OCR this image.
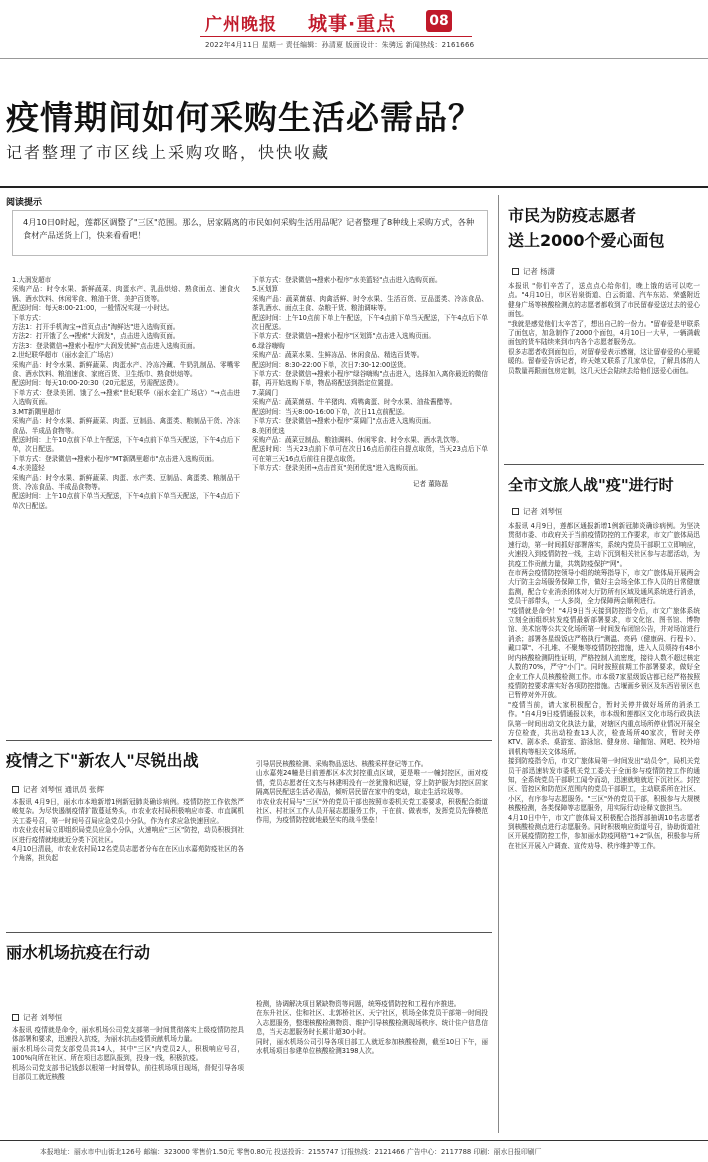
广州晚报 城事·重点 08
2022年4月11日 星期一 责任编辑：孙清夏 版面设计：朱骋远 新闻热线：2161666
疫情期间如何采购生活必需品？
记者整理了市区线上采购攻略，快快收藏
阅读提示
4月10日0时起，莲都区调整了"三区"范围。那么，居家隔离的市民如何采购生活用品呢？记者整理了8种线上采购方式，各种食材产品送货上门，快来看看吧！

1.大润发超市

采购产品：时令水果、新鲜蔬菜、肉蛋水产、乳品烘焙、熟食面点、速食火锅、酒水饮料、休闲零食、粮油干货、美护百货等。

配送时间：每天8:00-21:00，一般情况实现一小时达。

下单方式：

方法1：打开手机淘宝→首页点击"淘鲜达"进入选购页面。

方法2：打开饿了么→搜索"大润发"，点击进入选购页面。

方法3：登录微信→搜索小程序"大润发优鲜"点击进入选购页面。

2.世纪联华超市（丽水金汇广场店）

采购产品：时令水果、新鲜蔬菜、肉蛋水产、冷冻冷藏、牛奶乳制品、零嘴零食、酒水饮料、粮油速食、家庭百货、卫生纸巾、熟食烘焙等。

配送时间：每天10:00-20:30（20元起送，另需配送费）。

下单方式：登录美团、饿了么→搜索"世纪联华（丽水金汇广场店）"→点击进入选购页面。

3.MT新隅里超市

采购产品：时令水果、新鲜蔬菜、肉蛋、豆制品、禽蛋类、粮制品干货、冷冻食品、半成品食物等。

配送时间：上午10点前下单上午配送，下午4点前下单当天配送，下午4点后下单，次日配送。

下单方式：登录微信→搜索小程序"MT新隅里超市"点击进入选购页面。

4.水美篮轻

采购产品：时令水果、新鲜蔬菜、肉蛋、水产类、豆制品、禽蛋类、粮制品干货、冷冻食品、半成品食物等。

配送时间：上午10点前下单当天配送，下午4点前下单当天配送，下午4点后下单次日配送。

下单方式：登录微信→搜索小程序"水美篮轻"点击进入选购页面。

5.区划算

采购产品：蔬菜菌菇、肉禽活鲜、时令水果、生活百货、豆品蛋类、冷冻食品、茶乳酒水、面点主食、杂粮干货、粮油调味等。

配送时间：上午10点前下单上午配送，下午4点前下单当天配送，下午4点后下单次日配送。

下单方式：登录微信→搜索小程序"区划算"点击进入选购页面。

6.绿谷嗨购

采购产品：蔬菜水果、生鲜冻品、休闲食品、精选百货等。

配送时间：8:30-22:00下单，次日7:30-12:00送货。

下单方式：登录微信→搜索小程序"绿谷嗨购"点击进入，选择加入离你最近的微信群，再开始选购下单，物品将配送到指定位置提。

7.菜阔门

采购产品：蔬菜菌菇、牛羊猪肉、鸡鸭禽蛋、时令水果、油盐酱醋等。

配送时间：当天8:00-16:00下单，次日11点前配送。

下单方式：登录微信→搜索小程序"菜阔门"点击进入选购页面。

8.美团优选

采购产品：蔬菜豆制品、粮油调料、休闲零食、时令水果、酒水乳饮等。

配送时间：当天23点前下单可在次日16点后前往自提点取货，当天23点后下单可在第三天16点后前往自提点取货。

下单方式：登录美团→点击首页"美团优选"进入选购页面。

记者 董陈磊

疫情之下"新农人"尽锐出战
记者 刘琴恒 通讯员 张辉

本报讯 4月9日，丽水市本地新增1例新冠肺炎确诊病例。疫情防控工作依然严峻复杂。为尽快遏制疫情扩散蔓延势头，市农业农村局积极响应市委、市直属机关工委号召，第一时间号召局应急党员小分队，作为有求应急快速回应。

市农业农村局立即组织局党员应急小分队，火速响应"三区"防控，动员积极到社区进行疫情就地就近分类下沉社区。

4月10日清晨，市农业农村局12名党员志愿者分布在在区山水嘉苑防疫社区的各个角落，担负起

引导居民核酸检测、采购物品送达、核酸采样登记等工作。

山水嘉苑24幢是目前莲都区本次封控重点区域，更是唯一一幢封控区，面对疫情，党员志愿者任文杰与林建明没有一丝犹豫和迟疑，穿上防护服为封控区居家隔离居民配送生活必需品，倾听居民留在家中的变动，取走生活垃圾等。

市农业农村局与"三区"外的党员干部也按照市委机关党工委要求，积极配合街道社区、村社区工作人员开展志愿服务工作，干在前、做表率，发挥党员先锋模范作用，为疫情防控就地最坚实的战斗堡垒！

丽水机场抗疫在行动
记者 刘琴恒

本报讯 疫情就是命令，丽水机场公司党支部第一时间贯彻落实上级疫情防控具体部署和要求，迅速投入抗疫，为丽水抗击疫情贡献机场力量。

丽水机场公司党支部党员共14人，其中"三区"内党员2人，积极响应号召，100%向所在社区、所在项目志愿队报到，投身一线，积极抗疫。

机场公司党支部书记钱彭以根第一时间带队，前往机场项目现场，督促引导各项目部员工就近核酸

检测，协调解决项目紧缺物资等问题，统筹疫情防控和工程有序推进。

在东升社区、佳和社区、北郭桥社区、天宁社区，机场全体党员干部第一时间投入志愿服务，整理核酸检测物资、维护引导核酸检测现场秩序、统计住户信息信息，当天志愿服务时长累计超30小时。

同时，丽水机场公司引导各项目部工人就近参加核酸检测，截至10日下午，丽水机场项目参建单位核酸检测3198人次。

市民为防疫志愿者
送上2000个爱心面包
记者 杨潇

本报讯 "你们辛苦了，送点点心给你们，晚上饿的话可以吃一点。"4月10日，市区岩泉街道、白云街道、汽车东站、荣盛附近健身广场等核酸检测点的志愿者都收到了市民留春爱送过去的爱心面包。

"我就是感觉他们太辛苦了，想出自己的一份力。"留春爱是甲联系了面包店，加急制作了2000个面包，4月10日一大早，一辆满载面包的货车陆续来到市内各个志愿者服务点。

很多志愿者收到面包后，对留春爱表示感谢，这让留春爱的心里暖暖的。留春爱告诉记者，昨天她又联系了几家单位，了解具体的人员数量再跟面包房定制，这几天还会陆续去给他们送爱心面包。

全市文旅人战"疫"进行时
记者 刘琴恒

本报讯 4月9日，莲都区通报新增1例新冠肺炎确诊病例。为坚决贯彻市委、市政府关于当前疫情防控的工作要求，市文广旅体局迅速行动，第一时间抓好部署落实，系统内党员干部职工立即响应，火速投入到疫情防控一线，主动下沉到相关社区参与志愿活动，为抗疫工作贡献力量，共筑防疫保护"网"。

在市两会疫情防控领导小组的统筹指导下，市文广旅体局开展两会大厅防主会场服务保障工作，做好主会场全体工作人员的日常健康监测，配合专业消杀团体对大厅防所有区域及通风系统进行消杀，党员干部带头，一人多岗，全力保障两会顺利进行。

"疫情就是命令！"4月9日当天接到防控指令后，市文广旅体系统立刻全面组织转发疫情最新部署要求，市文化馆、图书馆、博物馆、美术馆等公共文化场所第一时间发布闭馆公告，并对场馆进行消杀；部署各星级饭店严格执行"测温、亮码（健康码、行程卡）、戴口罩"、不扎堆、不聚集等疫情防控措施，进入人员须持有48小时内核酸检测阴性证明，严格控制人流密度，接待人数不超过核定人数的70%，严守"小门"。同时按照前期工作部署要求，做好全企业工作人员核酸检测工作。市本级7家星级饭店都已经严格按照疫情防控要求落实好各项防控措施。古堰画乡景区及东西岩景区也已暂停对外开放。

"疫情当前，请大家积极配合，暂时关停并做好场所的消杀工作。"自4月9日疫情通报以来，市本级和莲都区文化市场行政执法队第一时间出动文化执法力量，对辖区内重点场所停业情况开展全方位检查，共出动检查13人次，检查场所40家次，暂时关停KTV、剧本杀、桌游室、游泳馆、健身房、瑜伽馆、网吧、校外培训机构等相关文体场所。

接到防疫指令后，市文广旅体局第一时间发出"动员令"，局机关党员干部迅速转发市委机关党工委关于全面参与疫情防控工作的通知，全系统党员干部职工闻令而动，迅速就地就近下沉社区。封控区、管控区和防范区范围内的党员干部职工，主动联系所在社区、小区，有序参与志愿服务。"三区"外的党员干部，积极参与大规模核酸检测，各类保障等志愿服务，用实际行动诠释文旅担当。

4月10日中午，市文广旅体局又积极配合指挥部抽调10名志愿者到核酸检测点进行志愿服务。同时积极响应街道号召，协助街道社区开展疫情防控工作，参加丽水防疫网格"1+2"队伍，积极参与所在社区开展入户调查、宣传劝导、秩序维护等工作。

本报地址：丽水市中山街北126号 邮编：323000 零售价1.50元 零售0.80元 投送投诉：2155747 订报热线：2121466 广告中心：2117788 印刷：丽水日报印刷厂
